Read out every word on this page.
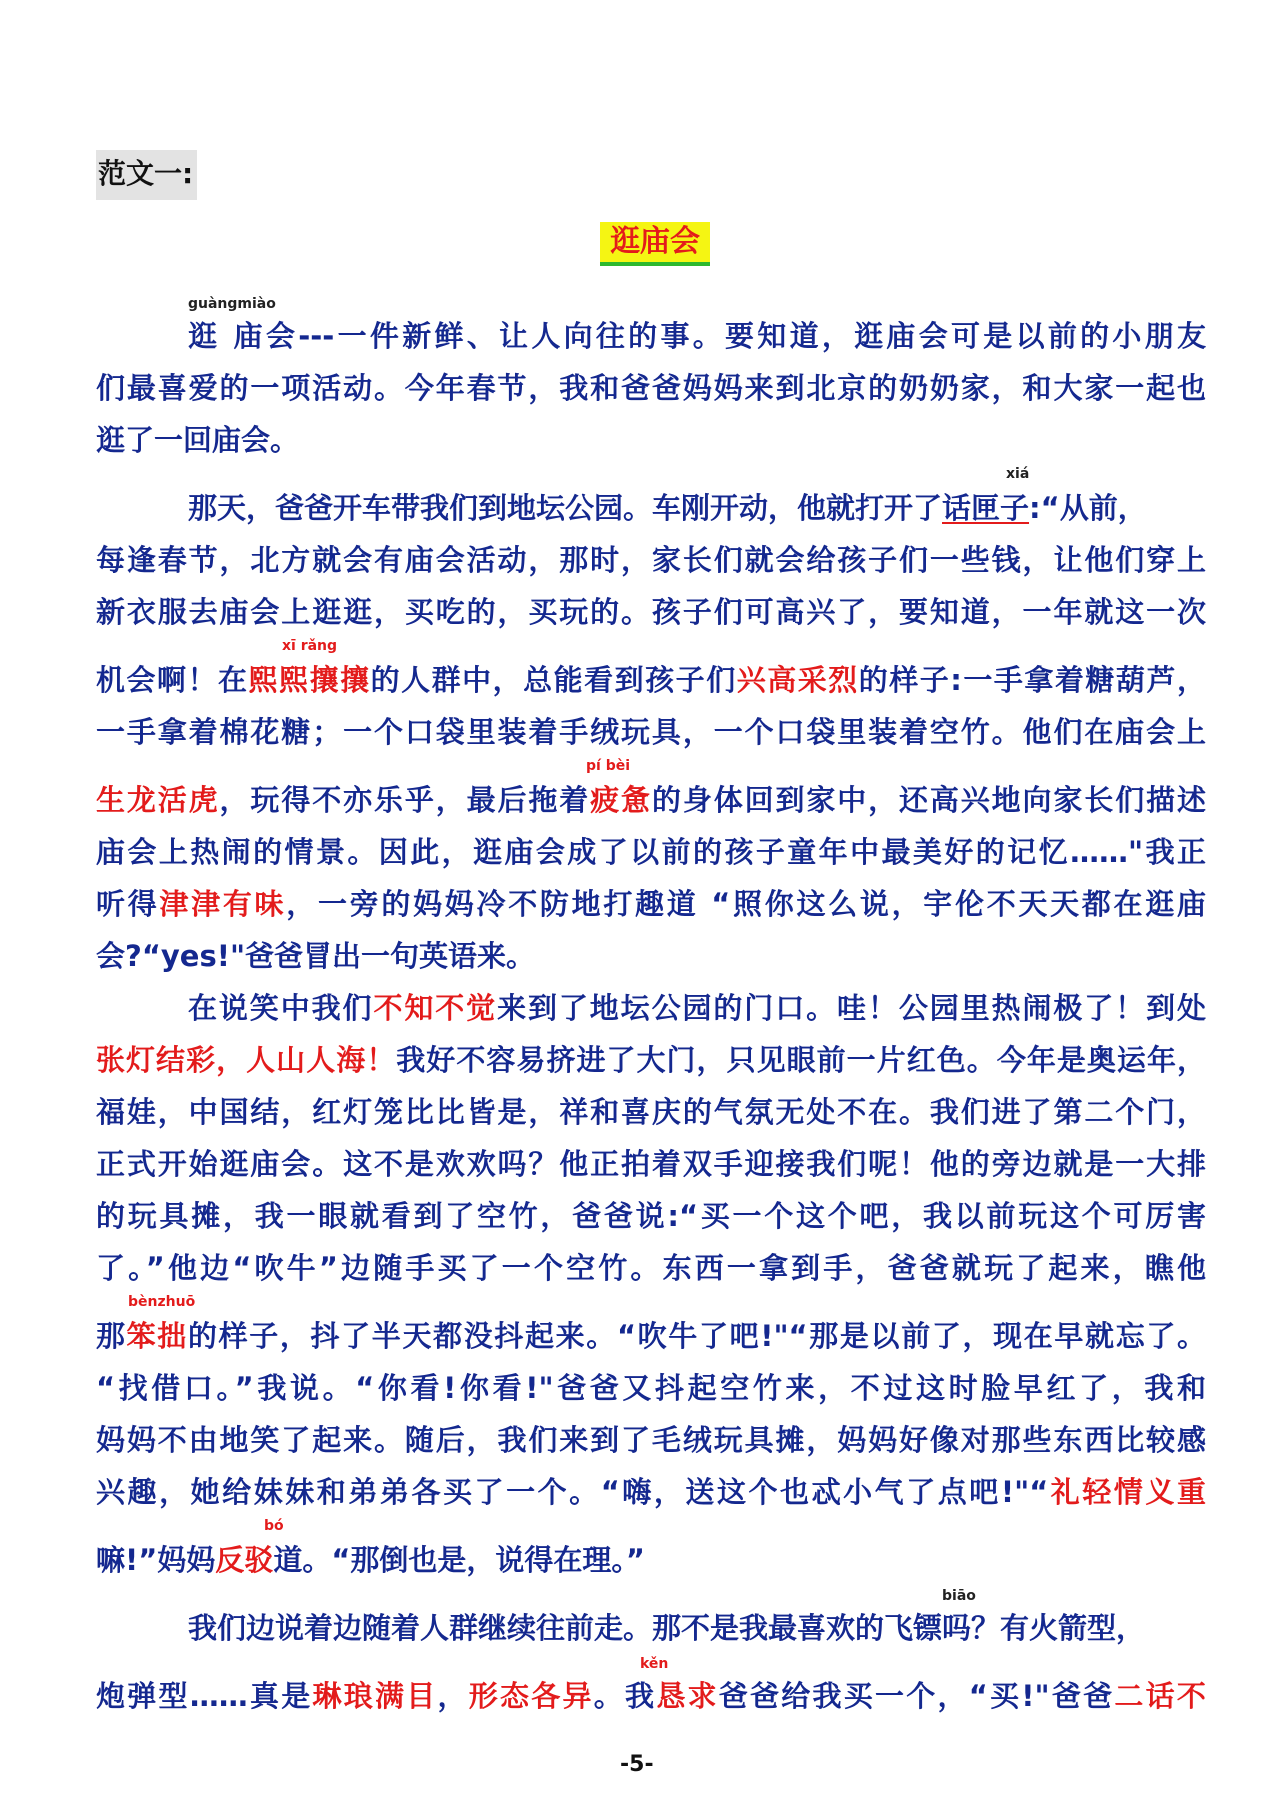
范文一:
逛庙会
guàngmiào
逛 庙会---一件新鲜、让人向往的事。要知道，逛庙会可是以前的小朋友
们最喜爱的一项活动。今年春节，我和爸爸妈妈来到北京的奶奶家，和大家一起也
逛了一回庙会。
xiá
那天，爸爸开车带我们到地坛公园。车刚开动，他就打开了话匣子:“从前，
每逢春节，北方就会有庙会活动，那时，家长们就会给孩子们一些钱，让他们穿上
新衣服去庙会上逛逛，买吃的，买玩的。孩子们可高兴了，要知道，一年就这一次
xī rǎng
机会啊！在熙熙攘攘的人群中，总能看到孩子们兴高采烈的样子:一手拿着糖葫芦，
一手拿着棉花糖；一个口袋里装着手绒玩具，一个口袋里装着空竹。他们在庙会上
pí bèi
生龙活虎，玩得不亦乐乎，最后拖着疲惫的身体回到家中，还高兴地向家长们描述
庙会上热闹的情景。因此，逛庙会成了以前的孩子童年中最美好的记忆……"我正
听得津津有味，一旁的妈妈冷不防地打趣道 “照你这么说，宇伦不天天都在逛庙
会?“yes!"爸爸冒出一句英语来。
在说笑中我们不知不觉来到了地坛公园的门口。哇！公园里热闹极了！到处
张灯结彩，人山人海！我好不容易挤进了大门，只见眼前一片红色。今年是奥运年，
福娃，中国结，红灯笼比比皆是，祥和喜庆的气氛无处不在。我们进了第二个门，
正式开始逛庙会。这不是欢欢吗？他正拍着双手迎接我们呢！他的旁边就是一大排
的玩具摊，我一眼就看到了空竹，爸爸说:“买一个这个吧，我以前玩这个可厉害
了。”他边“吹牛”边随手买了一个空竹。东西一拿到手，爸爸就玩了起来，瞧他
bènzhuō
那笨拙的样子，抖了半天都没抖起来。“吹牛了吧!"“那是以前了，现在早就忘了。
“找借口。”我说。“你看!你看!"爸爸又抖起空竹来，不过这时脸早红了，我和
妈妈不由地笑了起来。随后，我们来到了毛绒玩具摊，妈妈好像对那些东西比较感
兴趣，她给妹妹和弟弟各买了一个。“嗨，送这个也忒小气了点吧!"“礼轻情义重
bó
嘛!”妈妈反驳道。“那倒也是，说得在理。”
biāo
我们边说着边随着人群继续往前走。那不是我最喜欢的飞镖吗？有火箭型，
kěn
炮弹型……真是琳琅满目，形态各异。我恳求爸爸给我买一个，“买!"爸爸二话不
-5-
